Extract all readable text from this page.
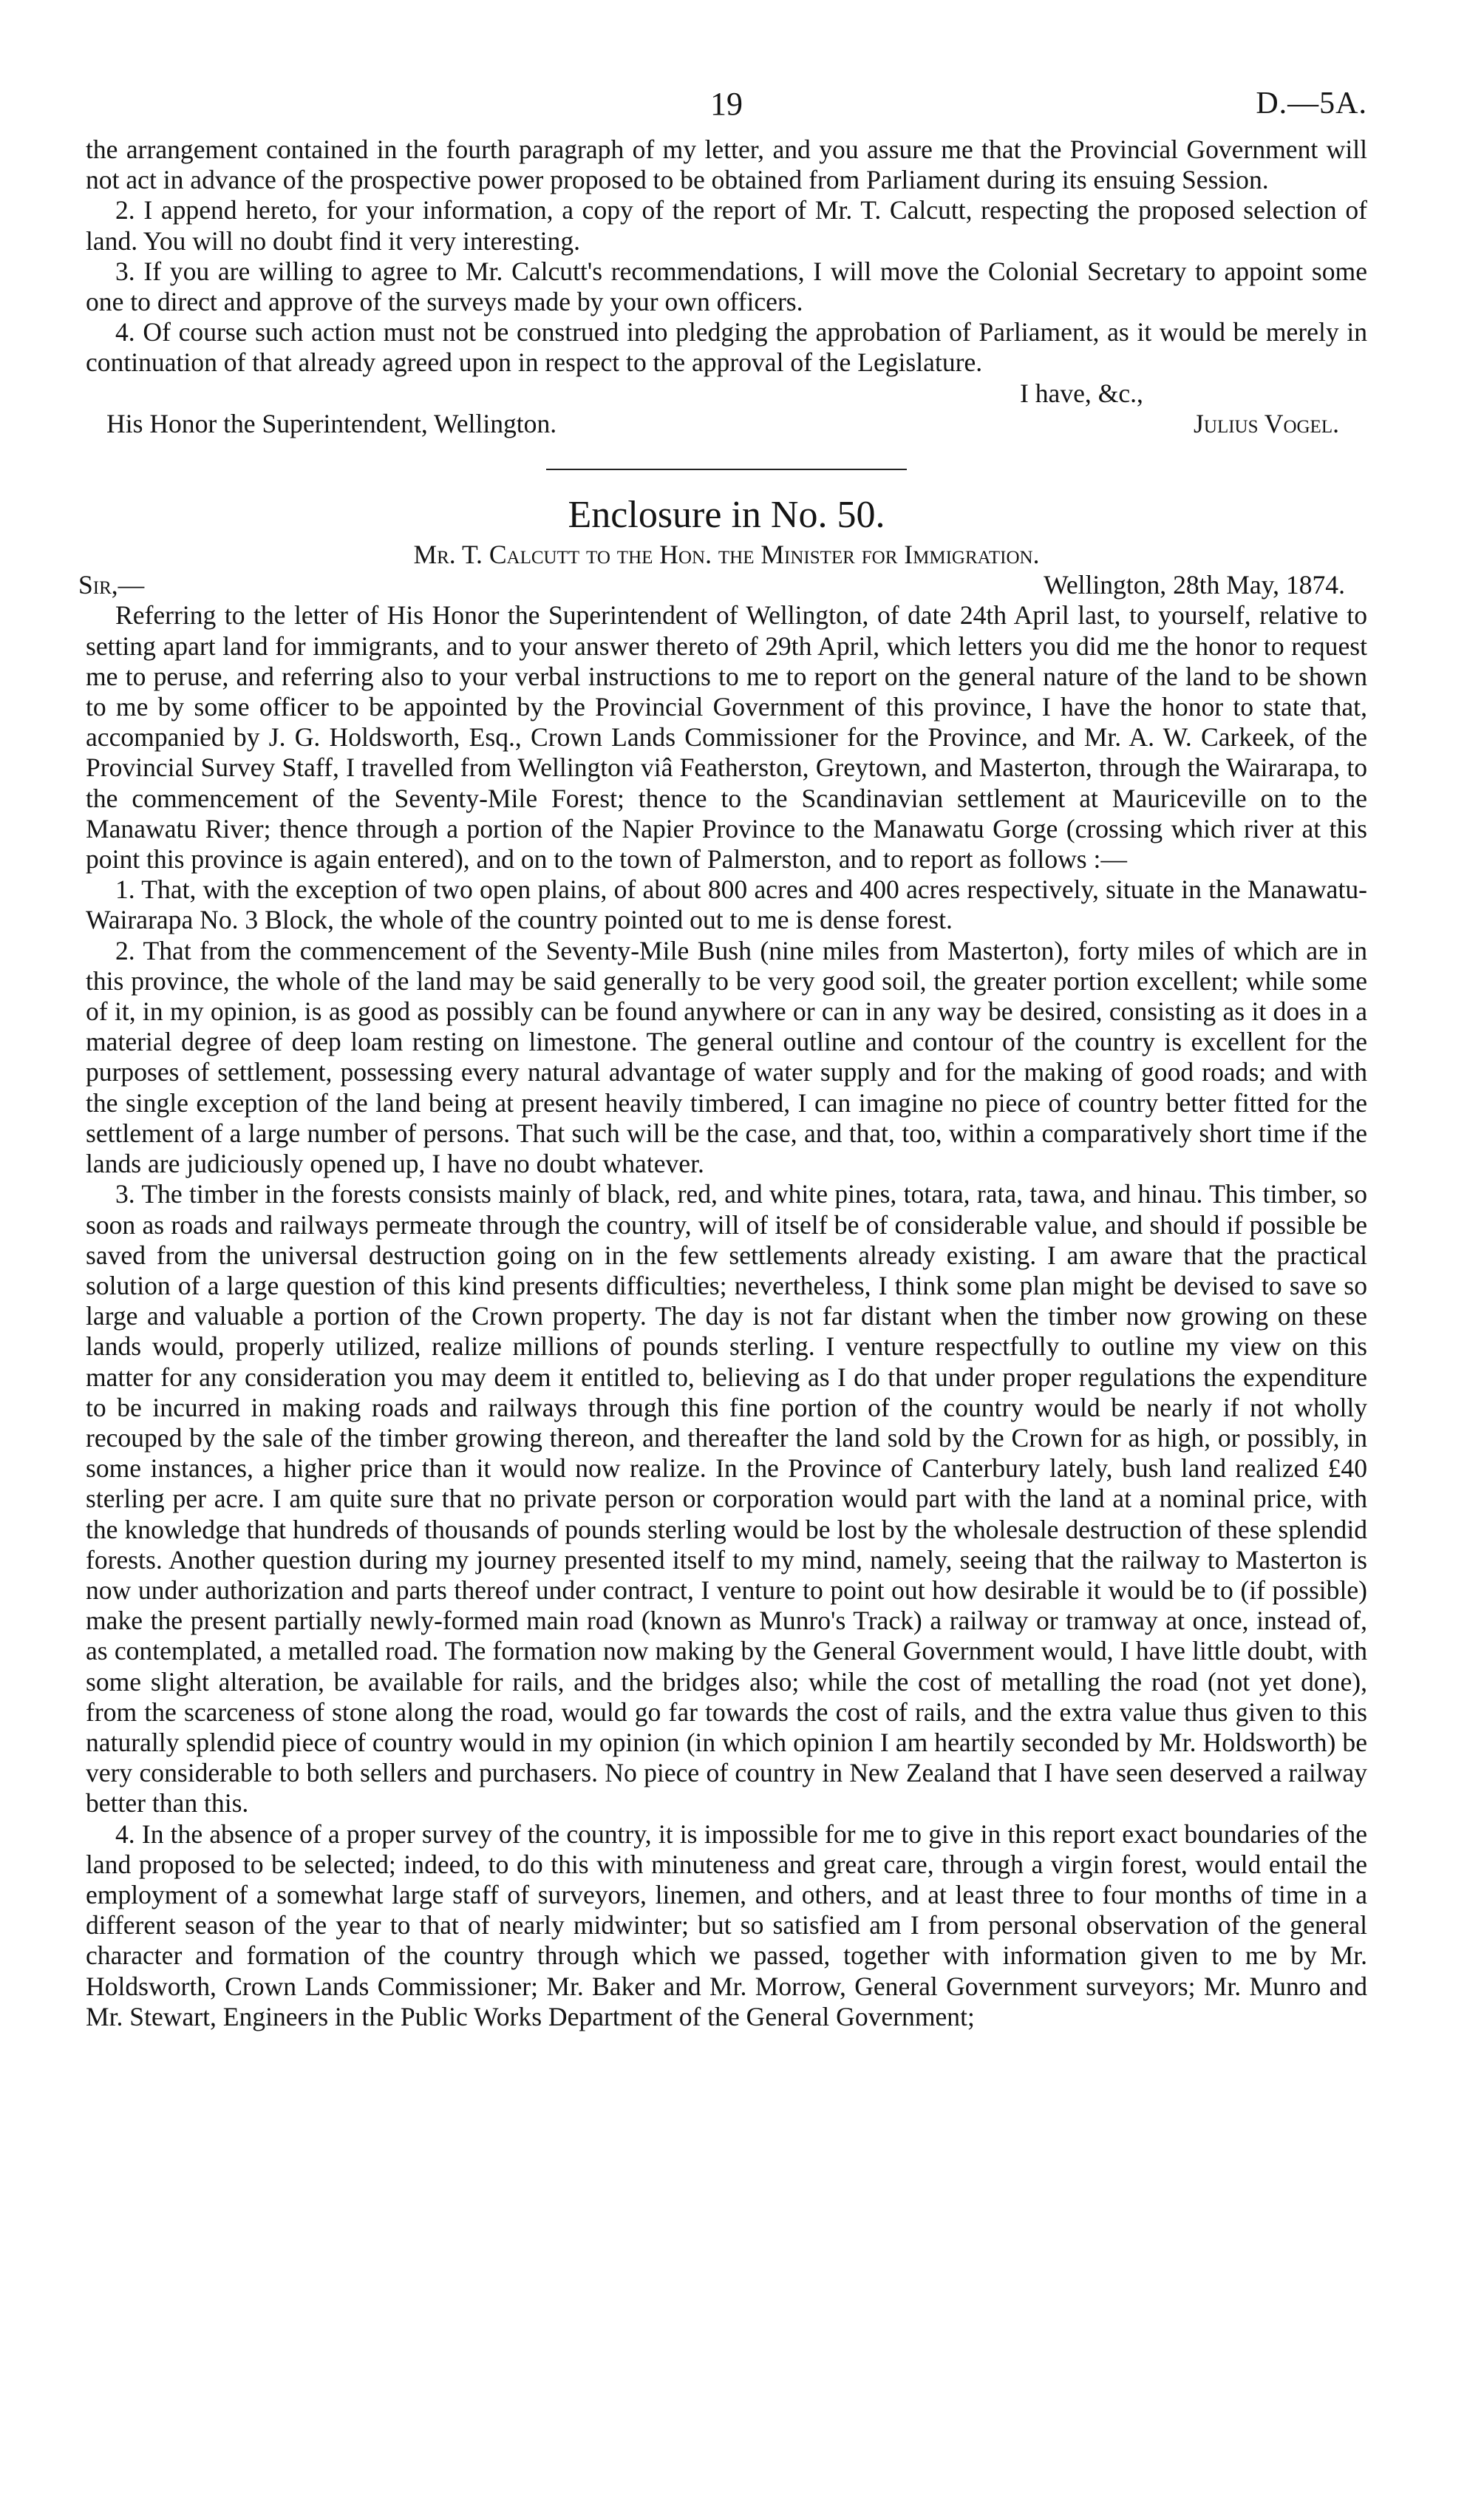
19	D.—5A.

the arrangement contained in the fourth paragraph of my letter, and you assure me that the Provincial Government will not act in advance of the prospective power proposed to be obtained from Parliament during its ensuing Session.

2. I append hereto, for your information, a copy of the report of Mr. T. Calcutt, respecting the proposed selection of land. You will no doubt find it very interesting.

3. If you are willing to agree to Mr. Calcutt's recommendations, I will move the Colonial Secretary to appoint some one to direct and approve of the surveys made by your own officers.

4. Of course such action must not be construed into pledging the approbation of Parliament, as it would be merely in continuation of that already agreed upon in respect to the approval of the Legislature.

I have, &c.,
His Honor the Superintendent, Wellington.	Julius Vogel.
Enclosure in No. 50.
Mr. T. Calcutt to the Hon. the Minister for Immigration.
Sir,—	Wellington, 28th May, 1874.

Referring to the letter of His Honor the Superintendent of Wellington, of date 24th April last, to yourself, relative to setting apart land for immigrants, and to your answer thereto of 29th April, which letters you did me the honor to request me to peruse, and referring also to your verbal instructions to me to report on the general nature of the land to be shown to me by some officer to be appointed by the Provincial Government of this province, I have the honor to state that, accompanied by J. G. Holdsworth, Esq., Crown Lands Commissioner for the Province, and Mr. A. W. Carkeek, of the Provincial Survey Staff, I travelled from Wellington viâ Featherston, Greytown, and Masterton, through the Wairarapa, to the commencement of the Seventy-Mile Forest; thence to the Scandinavian settlement at Mauriceville on to the Manawatu River; thence through a portion of the Napier Province to the Manawatu Gorge (crossing which river at this point this province is again entered), and on to the town of Palmerston, and to report as follows :—

1. That, with the exception of two open plains, of about 800 acres and 400 acres respectively, situate in the Manawatu-Wairarapa No. 3 Block, the whole of the country pointed out to me is dense forest.

2. That from the commencement of the Seventy-Mile Bush (nine miles from Masterton), forty miles of which are in this province, the whole of the land may be said generally to be very good soil, the greater portion excellent; while some of it, in my opinion, is as good as possibly can be found anywhere or can in any way be desired, consisting as it does in a material degree of deep loam resting on limestone. The general outline and contour of the country is excellent for the purposes of settlement, possessing every natural advantage of water supply and for the making of good roads; and with the single exception of the land being at present heavily timbered, I can imagine no piece of country better fitted for the settlement of a large number of persons. That such will be the case, and that, too, within a comparatively short time if the lands are judiciously opened up, I have no doubt whatever.

3. The timber in the forests consists mainly of black, red, and white pines, totara, rata, tawa, and hinau. This timber, so soon as roads and railways permeate through the country, will of itself be of considerable value, and should if possible be saved from the universal destruction going on in the few settlements already existing. I am aware that the practical solution of a large question of this kind presents difficulties; nevertheless, I think some plan might be devised to save so large and valuable a portion of the Crown property. The day is not far distant when the timber now growing on these lands would, properly utilized, realize millions of pounds sterling. I venture respectfully to outline my view on this matter for any consideration you may deem it entitled to, believing as I do that under proper regulations the expenditure to be incurred in making roads and railways through this fine portion of the country would be nearly if not wholly recouped by the sale of the timber growing thereon, and thereafter the land sold by the Crown for as high, or possibly, in some instances, a higher price than it would now realize. In the Province of Canterbury lately, bush land realized £40 sterling per acre. I am quite sure that no private person or corporation would part with the land at a nominal price, with the knowledge that hundreds of thousands of pounds sterling would be lost by the wholesale destruction of these splendid forests. Another question during my journey presented itself to my mind, namely, seeing that the railway to Masterton is now under authorization and parts thereof under contract, I venture to point out how desirable it would be to (if possible) make the present partially newly-formed main road (known as Munro's Track) a railway or tramway at once, instead of, as contemplated, a metalled road. The formation now making by the General Government would, I have little doubt, with some slight alteration, be available for rails, and the bridges also; while the cost of metalling the road (not yet done), from the scarceness of stone along the road, would go far towards the cost of rails, and the extra value thus given to this naturally splendid piece of country would in my opinion (in which opinion I am heartily seconded by Mr. Holdsworth) be very considerable to both sellers and purchasers. No piece of country in New Zealand that I have seen deserved a railway better than this.

4. In the absence of a proper survey of the country, it is impossible for me to give in this report exact boundaries of the land proposed to be selected; indeed, to do this with minuteness and great care, through a virgin forest, would entail the employment of a somewhat large staff of surveyors, linemen, and others, and at least three to four months of time in a different season of the year to that of nearly midwinter; but so satisfied am I from personal observation of the general character and formation of the country through which we passed, together with information given to me by Mr. Holdsworth, Crown Lands Commissioner; Mr. Baker and Mr. Morrow, General Government surveyors; Mr. Munro and Mr. Stewart, Engineers in the Public Works Department of the General Government;
